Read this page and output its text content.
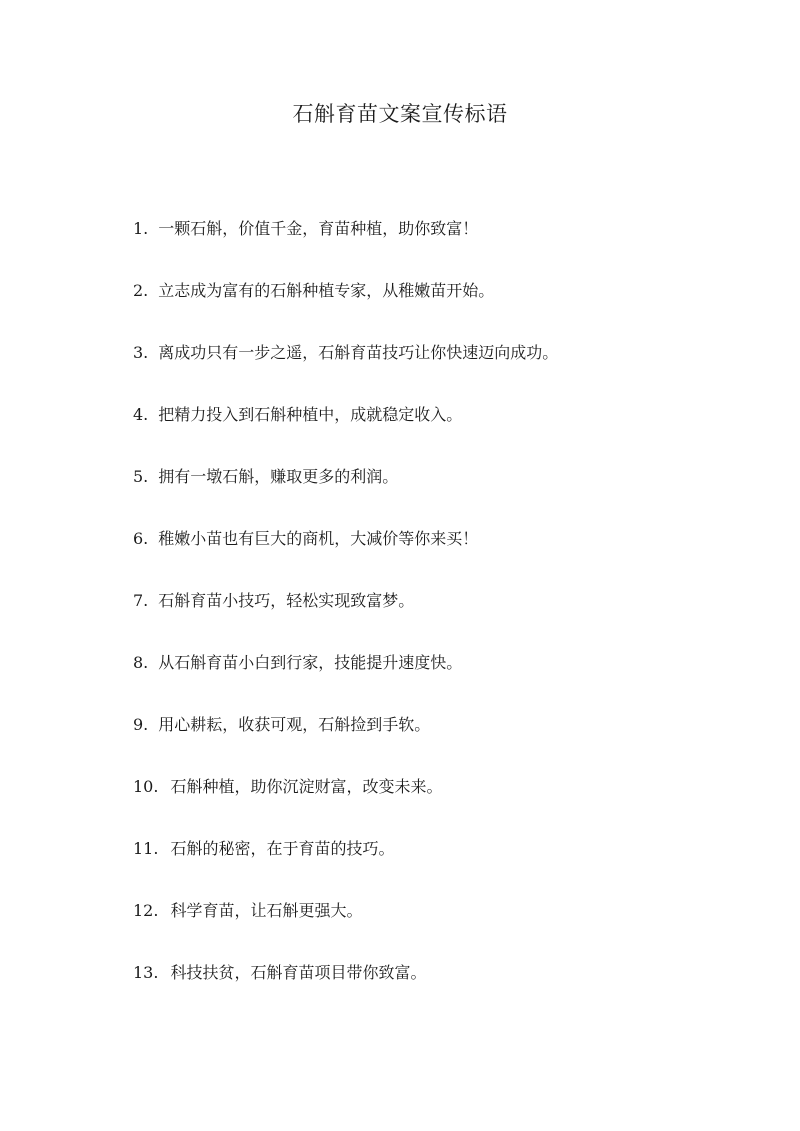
石斛育苗文案宣传标语
1. 一颗石斛，价值千金，育苗种植，助你致富！
2. 立志成为富有的石斛种植专家，从稚嫩苗开始。
3. 离成功只有一步之遥，石斛育苗技巧让你快速迈向成功。
4. 把精力投入到石斛种植中，成就稳定收入。
5. 拥有一墩石斛，赚取更多的利润。
6. 稚嫩小苗也有巨大的商机，大减价等你来买！
7. 石斛育苗小技巧，轻松实现致富梦。
8. 从石斛育苗小白到行家，技能提升速度快。
9. 用心耕耘，收获可观，石斛捡到手软。
10. 石斛种植，助你沉淀财富，改变未来。
11. 石斛的秘密，在于育苗的技巧。
12. 科学育苗，让石斛更强大。
13. 科技扶贫，石斛育苗项目带你致富。
